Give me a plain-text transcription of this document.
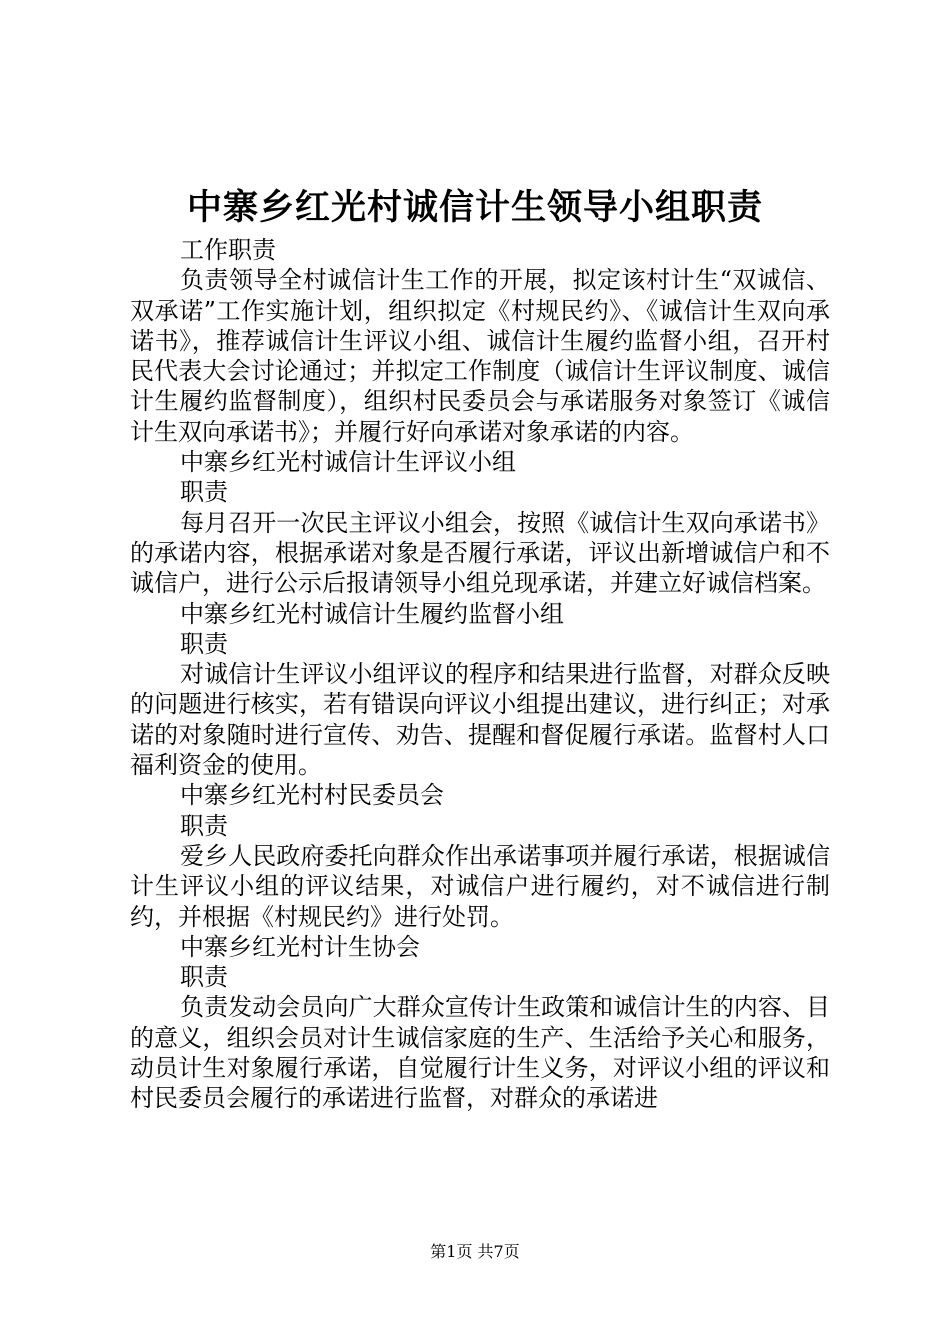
中寨乡红光村诚信计生领导小组职责

工作职责

负责领导全村诚信计生工作的开展，拟定该村计生“双诚信、双承诺”工作实施计划，组织拟定《村规民约》、《诚信计生双向承诺书》，推荐诚信计生评议小组、诚信计生履约监督小组，召开村民代表大会讨论通过；并拟定工作制度（诚信计生评议制度、诚信计生履约监督制度），组织村民委员会与承诺服务对象签订《诚信计生双向承诺书》；并履行好向承诺对象承诺的内容。

中寨乡红光村诚信计生评议小组

职责

每月召开一次民主评议小组会，按照《诚信计生双向承诺书》的承诺内容，根据承诺对象是否履行承诺，评议出新增诚信户和不诚信户，进行公示后报请领导小组兑现承诺，并建立好诚信档案。

中寨乡红光村诚信计生履约监督小组

职责

对诚信计生评议小组评议的程序和结果进行监督，对群众反映的问题进行核实，若有错误向评议小组提出建议，进行纠正；对承诺的对象随时进行宣传、劝告、提醒和督促履行承诺。监督村人口福利资金的使用。

中寨乡红光村村民委员会

职责

爱乡人民政府委托向群众作出承诺事项并履行承诺，根据诚信计生评议小组的评议结果，对诚信户进行履约，对不诚信进行制约，并根据《村规民约》进行处罚。

中寨乡红光村计生协会

职责

负责发动会员向广大群众宣传计生政策和诚信计生的内容、目的意义，组织会员对计生诚信家庭的生产、生活给予关心和服务，动员计生对象履行承诺，自觉履行计生义务，对评议小组的评议和村民委员会履行的承诺进行监督，对群众的承诺进

第1页 共7页
